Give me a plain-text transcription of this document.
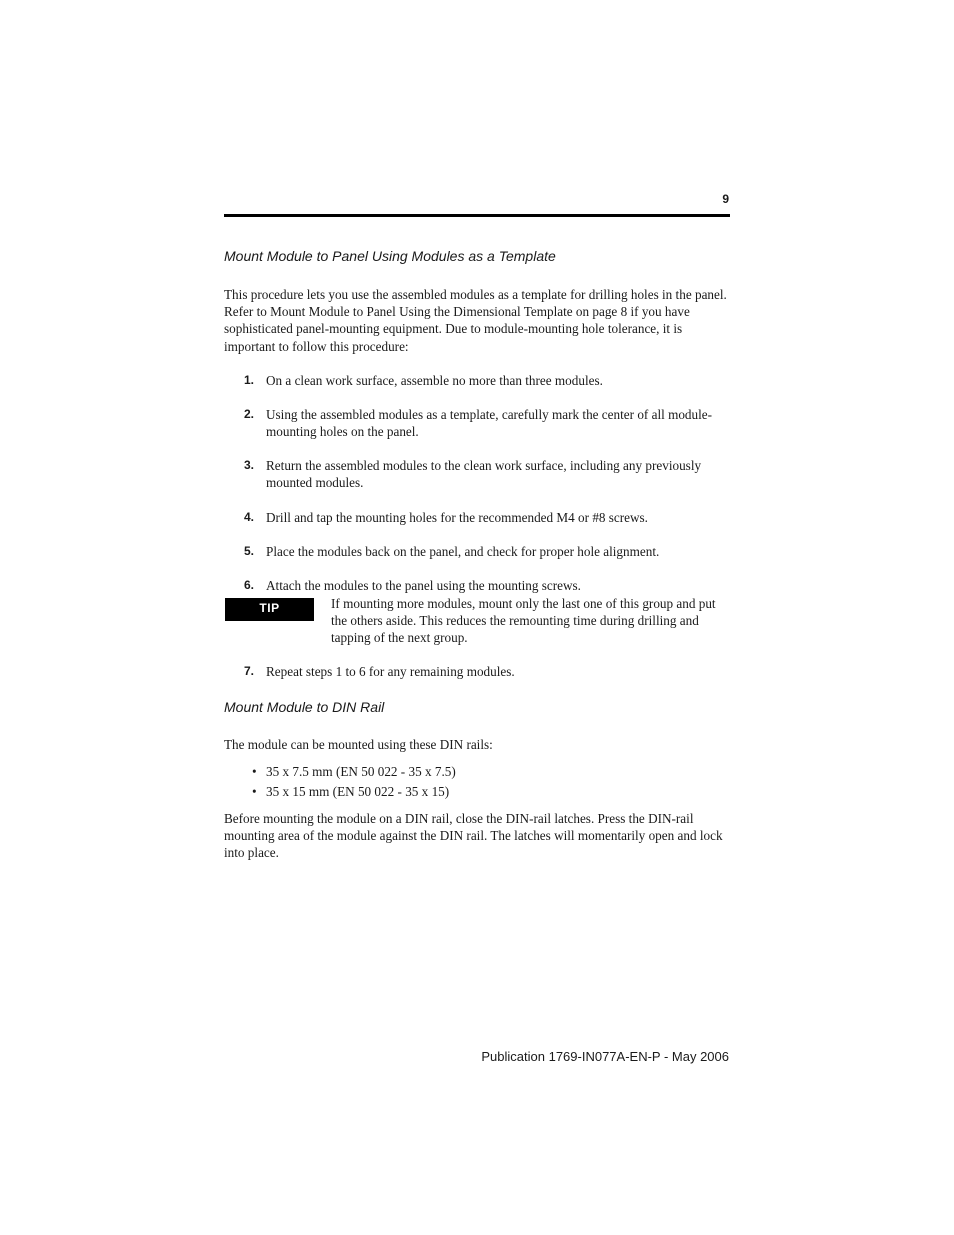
9
Mount Module to Panel Using Modules as a Template

This procedure lets you use the assembled modules as a template for drilling holes in the panel. Refer to Mount Module to Panel Using the Dimensional Template on page 8 if you have sophisticated panel-mounting equipment. Due to module-mounting hole tolerance, it is important to follow this procedure:

1. On a clean work surface, assemble no more than three modules.
2. Using the assembled modules as a template, carefully mark the center of all module-mounting holes on the panel.
3. Return the assembled modules to the clean work surface, including any previously mounted modules.
4. Drill and tap the mounting holes for the recommended M4 or #8 screws.
5. Place the modules back on the panel, and check for proper hole alignment.
6. Attach the modules to the panel using the mounting screws.
TIP	If mounting more modules, mount only the last one of this group and put the others aside. This reduces the remounting time during drilling and tapping of the next group.

7. Repeat steps 1 to 6 for any remaining modules.
Mount Module to DIN Rail

The module can be mounted using these DIN rails:

• 35 x 7.5 mm (EN 50 022 - 35 x 7.5)
• 35 x 15 mm (EN 50 022 - 35 x 15)

Before mounting the module on a DIN rail, close the DIN-rail latches. Press the DIN-rail mounting area of the module against the DIN rail. The latches will momentarily open and lock into place.

Publication 1769-IN077A-EN-P - May 2006
